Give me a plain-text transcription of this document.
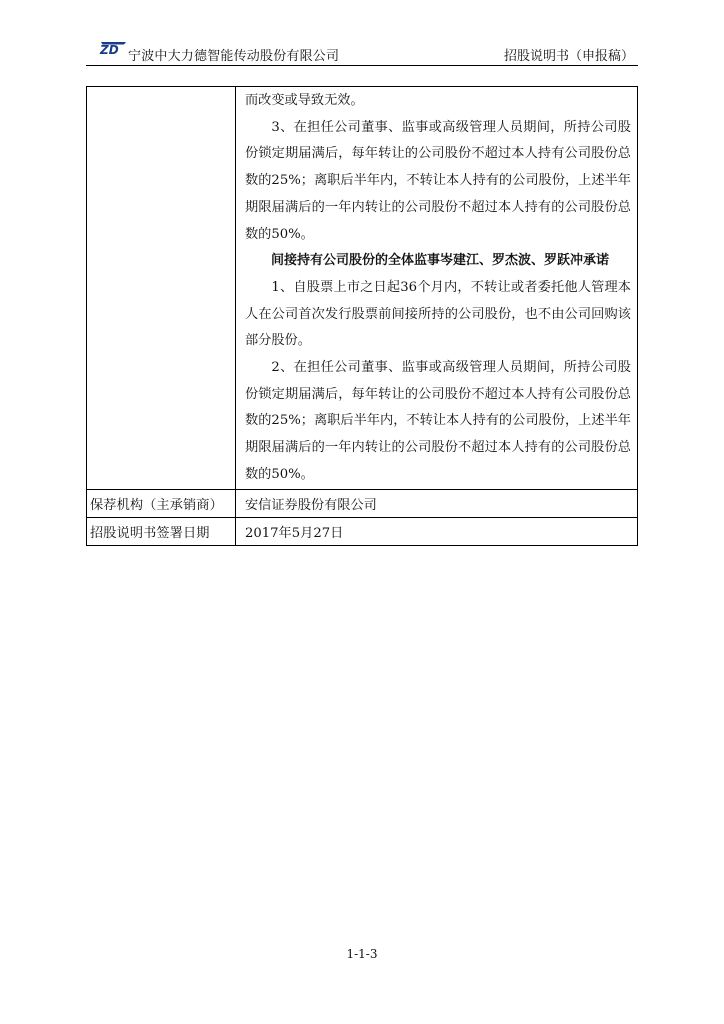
ZD 宁波中大力德智能传动股份有限公司	招股说明书（申报稿）

	而改变或导致无效。

3、在担任公司董事、监事或高级管理人员期间，所持公司股份锁定期届满后，每年转让的公司股份不超过本人持有公司股份总数的25%；离职后半年内，不转让本人持有的公司股份，上述半年期限届满后的一年内转让的公司股份不超过本人持有的公司股份总数的50%。

间接持有公司股份的全体监事岑建江、罗杰波、罗跃冲承诺

1、自股票上市之日起36个月内，不转让或者委托他人管理本人在公司首次发行股票前间接所持的公司股份，也不由公司回购该部分股份。

2、在担任公司董事、监事或高级管理人员期间，所持公司股份锁定期届满后，每年转让的公司股份不超过本人持有公司股份总数的25%；离职后半年内，不转让本人持有的公司股份，上述半年期限届满后的一年内转让的公司股份不超过本人持有的公司股份总数的50%。

保荐机构（主承销商）	安信证券股份有限公司
招股说明书签署日期	2017年5月27日
1-1-3
